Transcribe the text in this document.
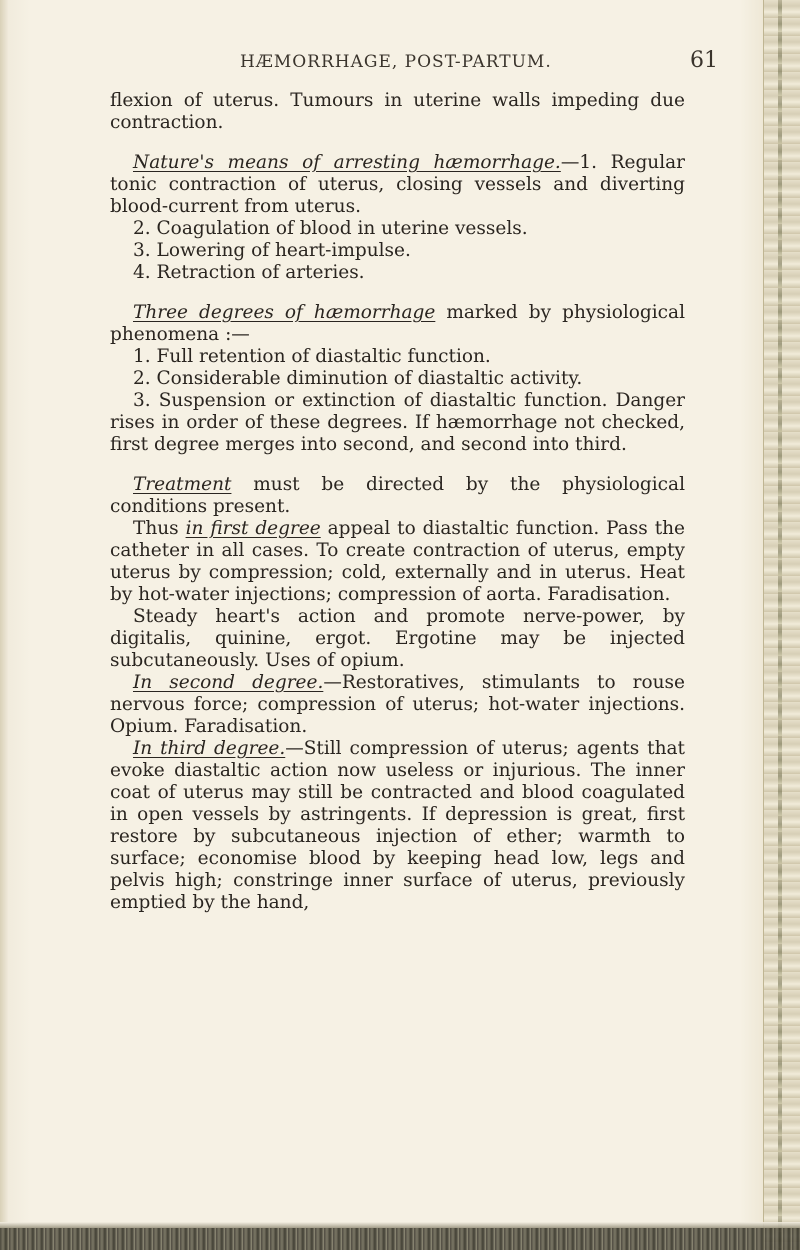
HÆMORRHAGE, POST-PARTUM.	61

flexion of uterus. Tumours in uterine walls impeding due contraction.

Nature's means of arresting hæmorrhage.—1. Regular tonic contraction of uterus, closing vessels and diverting blood-current from uterus.

2. Coagulation of blood in uterine vessels.

3. Lowering of heart-impulse.

4. Retraction of arteries.

Three degrees of hæmorrhage marked by physiological phenomena :—

1. Full retention of diastaltic function.

2. Considerable diminution of diastaltic activity.

3. Suspension or extinction of diastaltic function. Danger rises in order of these degrees. If hæmorrhage not checked, first degree merges into second, and second into third.

Treatment must be directed by the physiological conditions present.

Thus in first degree appeal to diastaltic function. Pass the catheter in all cases. To create contraction of uterus, empty uterus by compression; cold, externally and in uterus. Heat by hot-water injections; compression of aorta. Faradisation.

Steady heart's action and promote nerve-power, by digitalis, quinine, ergot. Ergotine may be injected subcutaneously. Uses of opium.

In second degree.—Restoratives, stimulants to rouse nervous force; compression of uterus; hot-water injections. Opium. Faradisation.

In third degree.—Still compression of uterus; agents that evoke diastaltic action now useless or injurious. The inner coat of uterus may still be contracted and blood coagulated in open vessels by astringents. If depression is great, first restore by subcutaneous injection of ether; warmth to surface; economise blood by keeping head low, legs and pelvis high; constringe inner surface of uterus, previously emptied by the hand,
